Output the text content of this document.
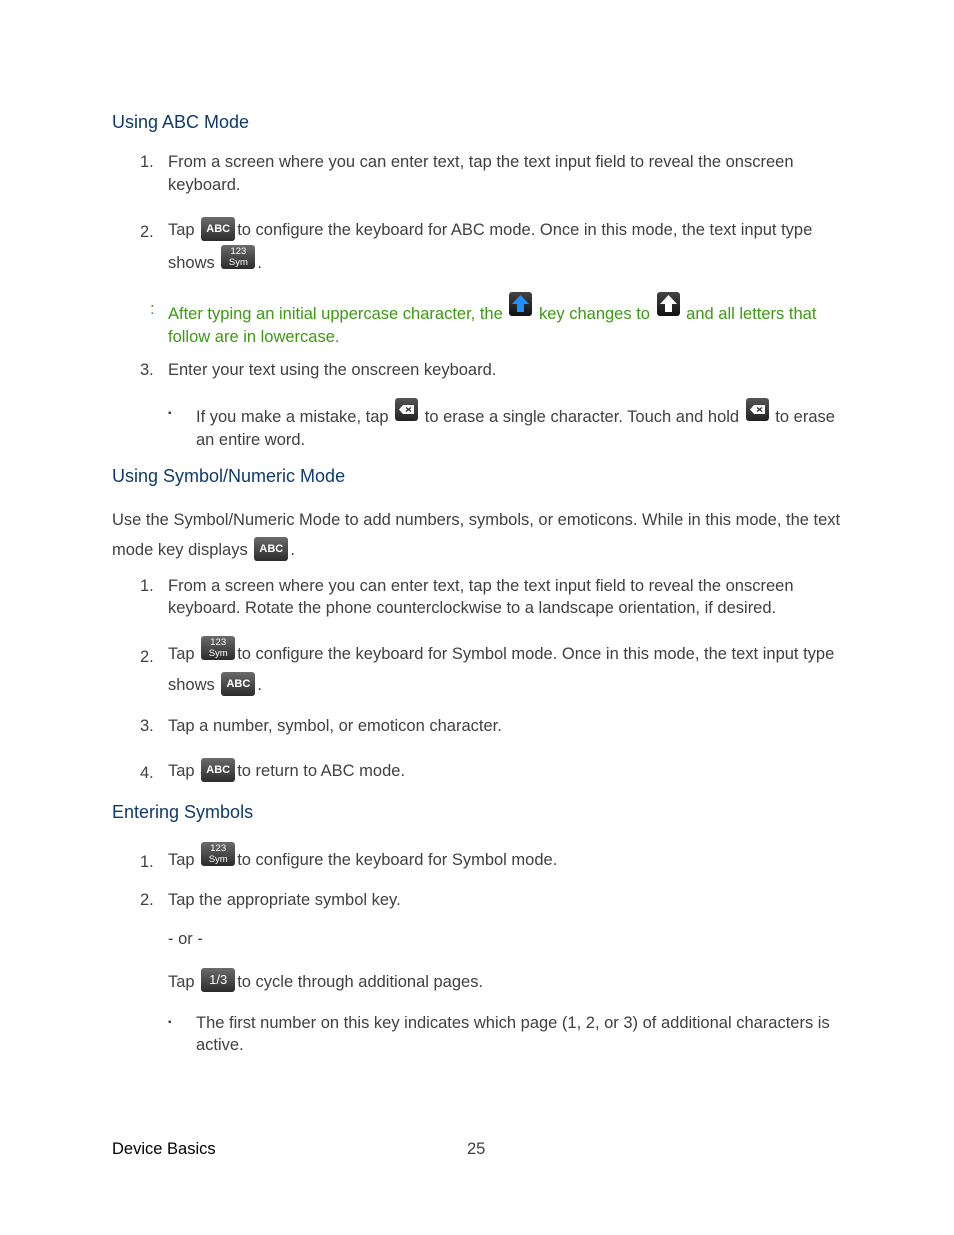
Using ABC Mode
1. From a screen where you can enter text, tap the text input field to reveal the onscreen keyboard.
2. Tap ABC to configure the keyboard for ABC mode. Once in this mode, the text input type shows
123
Sym .
: After typing an initial uppercase character, the key changes to and all letters that follow are in lowercase.
3. Enter your text using the onscreen keyboard.
▪ If you make a mistake, tap to erase a single character. Touch and hold to erase an entire word.
Using Symbol/Numeric Mode
Use the Symbol/Numeric Mode to add numbers, symbols, or emoticons. While in this mode, the text mode key displays ABC .
1. From a screen where you can enter text, tap the text input field to reveal the onscreen keyboard. Rotate the phone counterclockwise to a landscape orientation, if desired.
2. Tap
123
Sym to configure the keyboard for Symbol mode. Once in this mode, the text input type shows ABC .
3. Tap a number, symbol, or emoticon character.
4. Tap ABC to return to ABC mode.
Entering Symbols
1. Tap
123
Sym to configure the keyboard for Symbol mode.
2. Tap the appropriate symbol key.
- or -
Tap 1/3 to cycle through additional pages.
▪ The first number on this key indicates which page (1, 2, or 3) of additional characters is active.
Device Basics	25
